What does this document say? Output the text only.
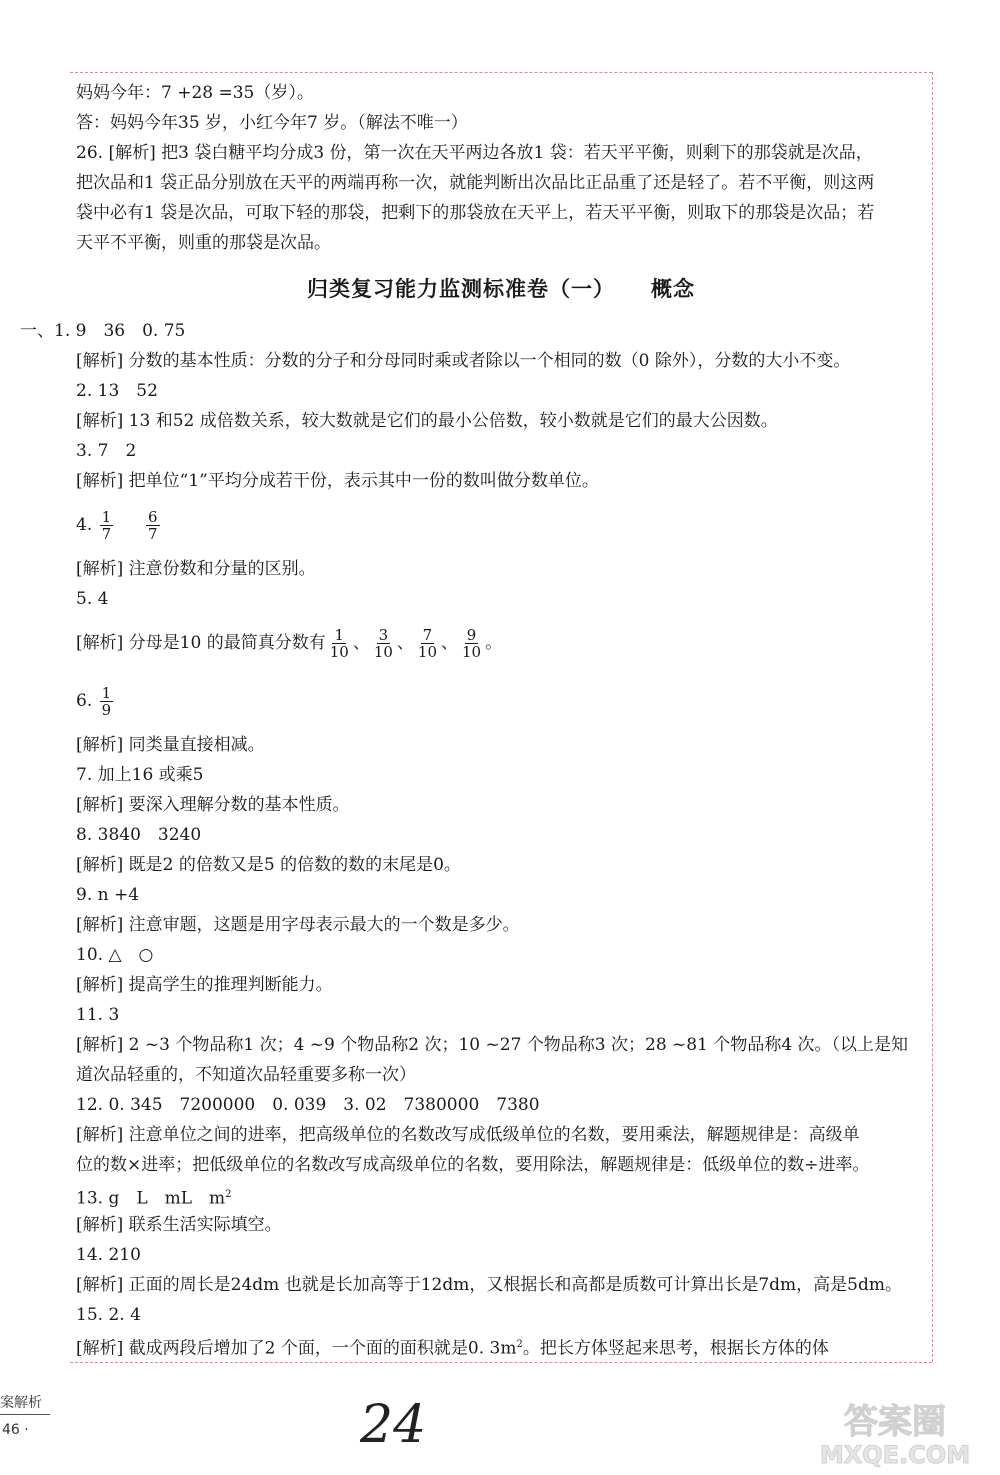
妈妈今年：7 +28 =35（岁）。
答：妈妈今年35 岁，小红今年7 岁。（解法不唯一）
26. [解析] 把3 袋白糖平均分成3 份，第一次在天平两边各放1 袋：若天平平衡，则剩下的那袋就是次品，
把次品和1 袋正品分别放在天平的两端再称一次，就能判断出次品比正品重了还是轻了。若不平衡，则这两
袋中必有1 袋是次品，可取下轻的那袋，把剩下的那袋放在天平上，若天平平衡，则取下的那袋是次品；若
天平不平衡，则重的那袋是次品。
归类复习能力监测标准卷（一） 概念
一、1. 9　36　0. 75
[解析] 分数的基本性质：分数的分子和分母同时乘或者除以一个相同的数（0 除外），分数的大小不变。
2. 13　52
[解析] 13 和52 成倍数关系，较大数就是它们的最小公倍数，较小数就是它们的最大公因数。
3. 7　2
[解析] 把单位“1”平均分成若干份，表示其中一份的数叫做分数单位。
4. $\frac{1}{7}$
$\frac{6}{7}$
[解析] 注意份数和分量的区别。
5. 4
[解析] 分母是10 的最简真分数有 $\frac{1}{10}$ 、 $\frac{3}{10}$ 、 $\frac{7}{10}$ 、 $\frac{9}{10}$ 。
6. $\frac{1}{9}$
[解析] 同类量直接相减。
7. 加上16 或乘5
[解析] 要深入理解分数的基本性质。
8. 3840　3240
[解析] 既是2 的倍数又是5 的倍数的数的末尾是0。
9. n +4
[解析] 注意审题，这题是用字母表示最大的一个数是多少。
10. △　○
[解析] 提高学生的推理判断能力。
11. 3
[解析] 2 ~3 个物品称1 次；4 ~9 个物品称2 次；10 ~27 个物品称3 次；28 ~81 个物品称4 次。（以上是知
道次品轻重的，不知道次品轻重要多称一次）
12. 0. 345　7200000　0. 039　3. 02　7380000　7380
[解析] 注意单位之间的进率，把高级单位的名数改写成低级单位的名数，要用乘法，解题规律是：高级单
位的数×进率；把低级单位的名数改写成高级单位的名数，要用除法，解题规律是：低级单位的数÷进率。
13. g　L　mL　$m^2$
[解析] 联系生活实际填空。
14. 210
[解析] 正面的周长是24dm 也就是长加高等于12dm，又根据长和高都是质数可计算出长是7dm，高是5dm。
15. 2. 4
[解析] 截成两段后增加了2 个面，一个面的面积就是0. $3m^2$。把长方体竖起来思考，根据长方体的体
案解析
46 ·	24	答案圈
MXQE.COM
